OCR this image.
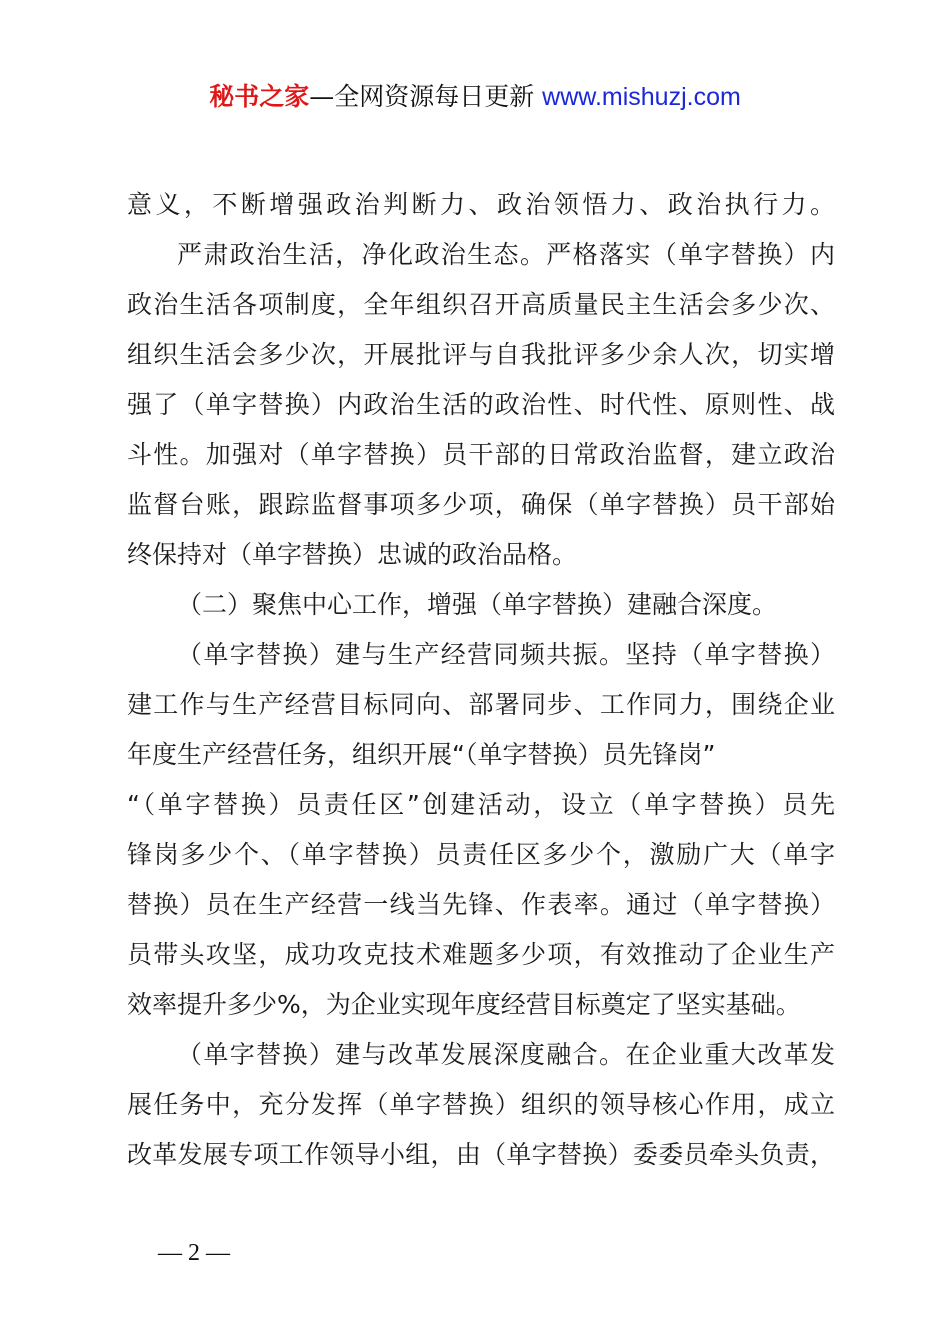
秘书之家—全网资源每日更新 www.mishuzj.com
意义，不断增强政治判断力、政治领悟力、政治执行力。
严肃政治生活，净化政治生态。严格落实（单字替换）内
政治生活各项制度，全年组织召开高质量民主生活会多少次、
组织生活会多少次，开展批评与自我批评多少余人次，切实增
强了（单字替换）内政治生活的政治性、时代性、原则性、战
斗性。加强对（单字替换）员干部的日常政治监督，建立政治
监督台账，跟踪监督事项多少项，确保（单字替换）员干部始
终保持对（单字替换）忠诚的政治品格。
（二）聚焦中心工作，增强（单字替换）建融合深度。
（单字替换）建与生产经营同频共振。坚持（单字替换）
建工作与生产经营目标同向、部署同步、工作同力，围绕企业
年度生产经营任务，组织开展“（单字替换）员先锋岗”
“（单字替换）员责任区”创建活动，设立（单字替换）员先
锋岗多少个、（单字替换）员责任区多少个，激励广大（单字
替换）员在生产经营一线当先锋、作表率。通过（单字替换）
员带头攻坚，成功攻克技术难题多少项，有效推动了企业生产
效率提升多少%，为企业实现年度经营目标奠定了坚实基础。
（单字替换）建与改革发展深度融合。在企业重大改革发
展任务中，充分发挥（单字替换）组织的领导核心作用，成立
改革发展专项工作领导小组，由（单字替换）委委员牵头负责，
— 2 —
